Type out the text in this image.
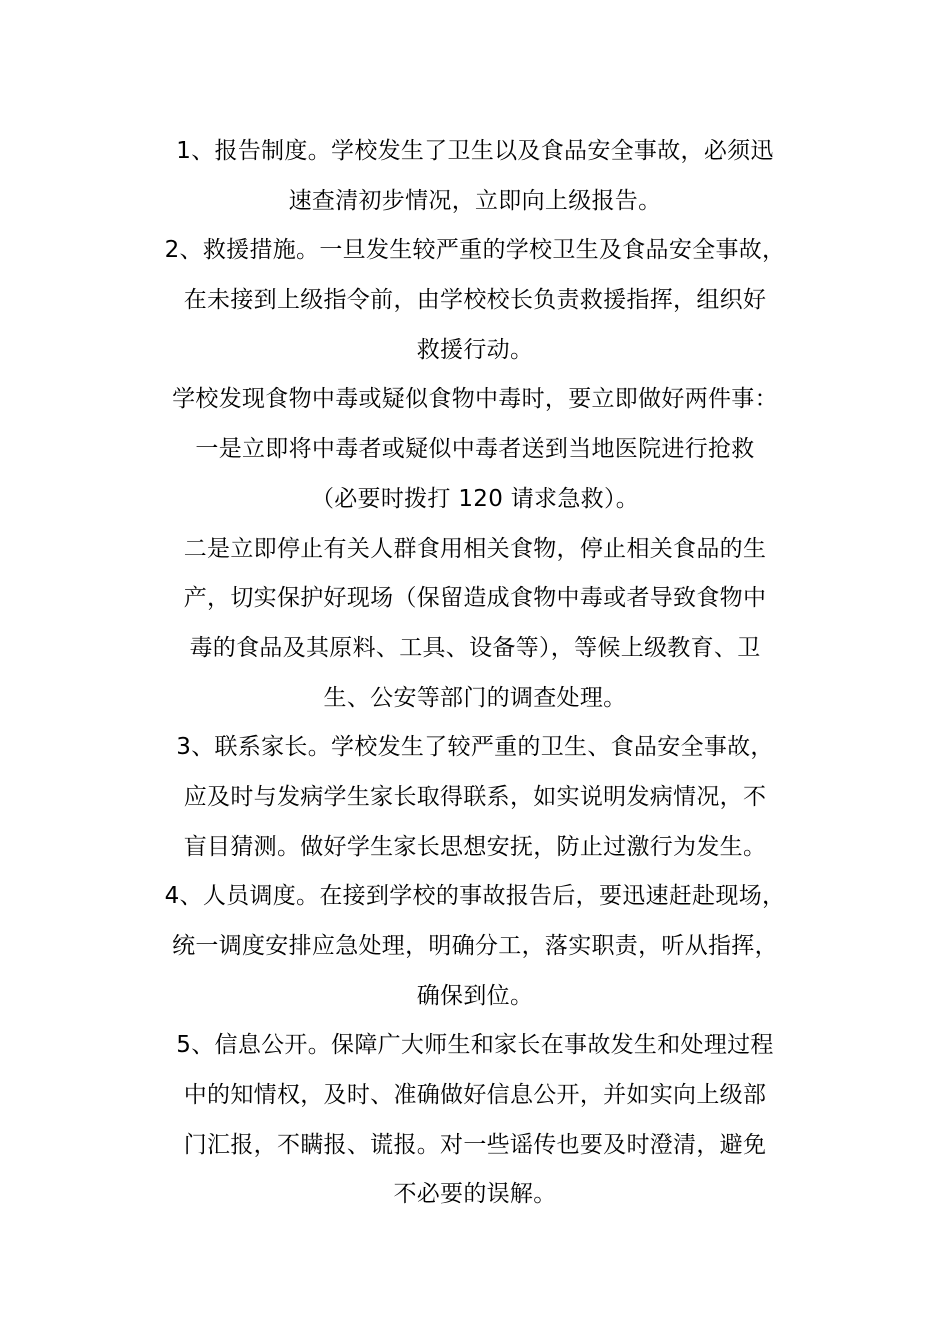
1、报告制度。学校发生了卫生以及食品安全事故，必须迅
速查清初步情况，立即向上级报告。
2、救援措施。一旦发生较严重的学校卫生及食品安全事故，
在未接到上级指令前，由学校校长负责救援指挥，组织好
救援行动。
学校发现食物中毒或疑似食物中毒时，要立即做好两件事：
一是立即将中毒者或疑似中毒者送到当地医院进行抢救
（必要时拨打 120 请求急救）。
二是立即停止有关人群食用相关食物，停止相关食品的生
产，切实保护好现场（保留造成食物中毒或者导致食物中
毒的食品及其原料、工具、设备等），等候上级教育、卫
生、公安等部门的调查处理。
3、联系家长。学校发生了较严重的卫生、食品安全事故，
应及时与发病学生家长取得联系，如实说明发病情况，不
盲目猜测。做好学生家长思想安抚，防止过激行为发生。
4、人员调度。在接到学校的事故报告后，要迅速赶赴现场，
统一调度安排应急处理，明确分工，落实职责，听从指挥，
确保到位。
5、信息公开。保障广大师生和家长在事故发生和处理过程
中的知情权，及时、准确做好信息公开，并如实向上级部
门汇报，不瞒报、谎报。对一些谣传也要及时澄清，避免
不必要的误解。
